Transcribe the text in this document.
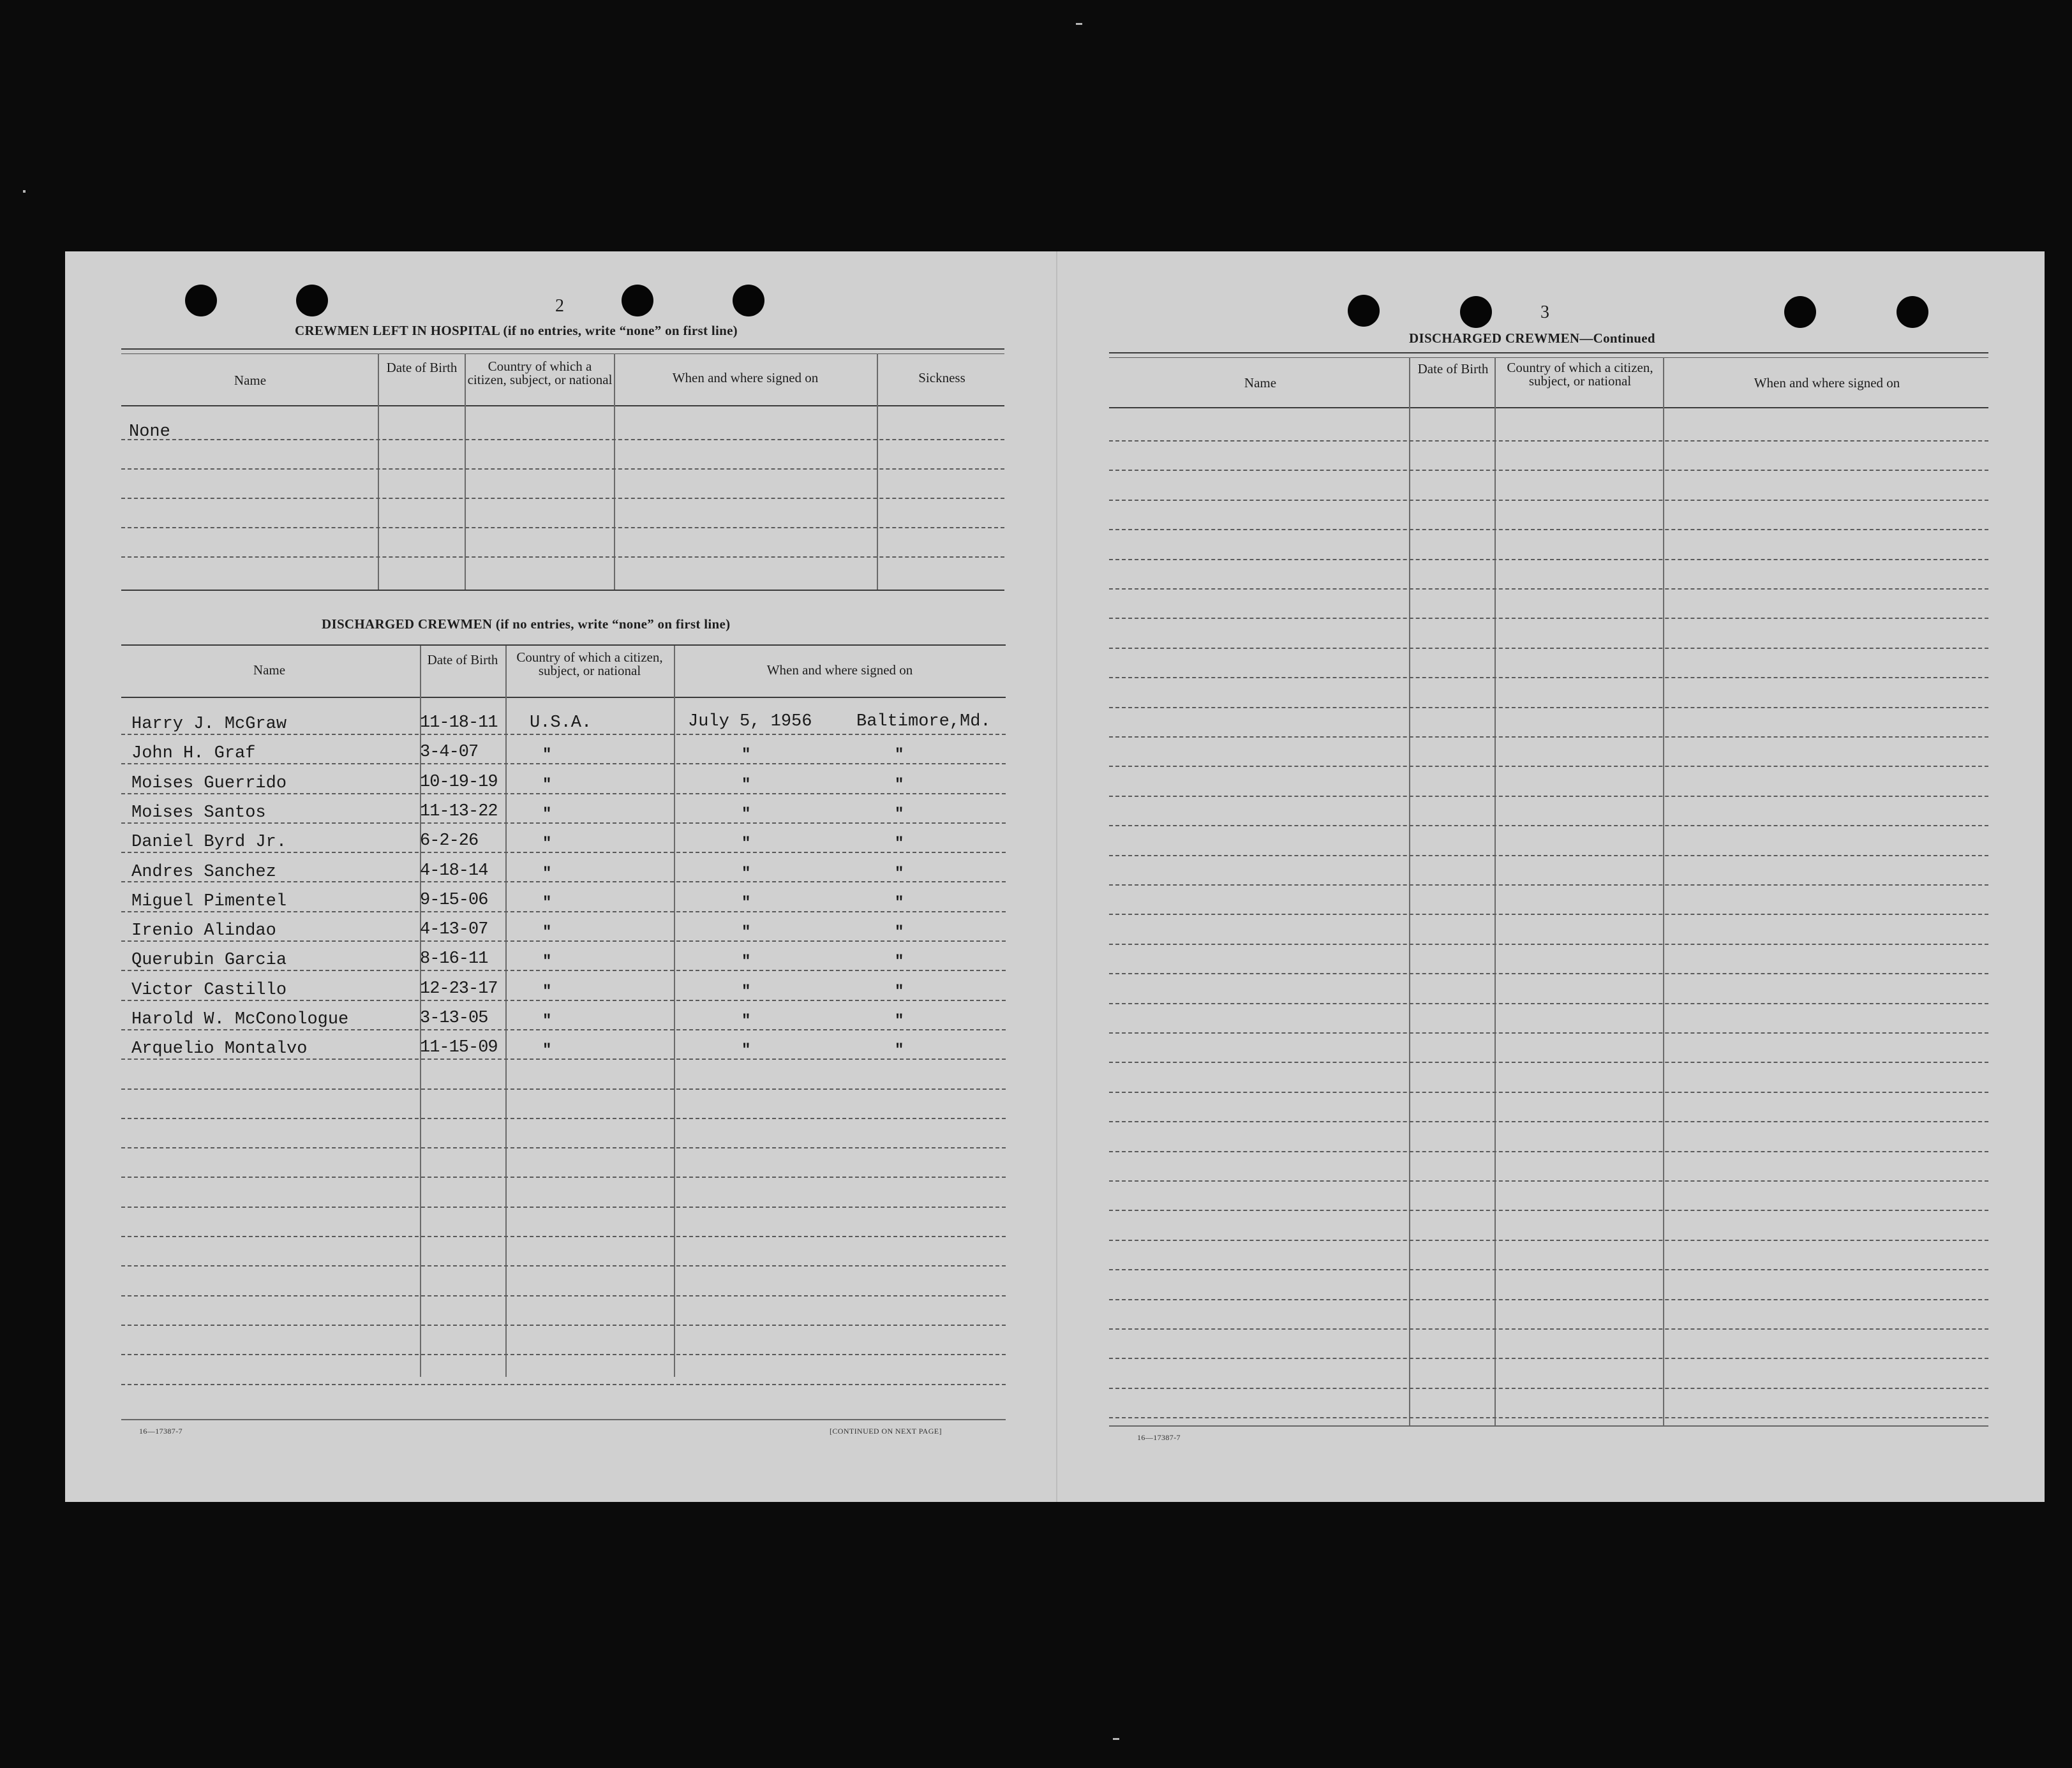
2
CREWMEN LEFT IN HOSPITAL (if no entries, write “none” on first line)
Name
Date of Birth	Country of which a citizen, subject, or national	When and where signed on	Sickness
None
DISCHARGED CREWMEN (if no entries, write “none” on first line)
Name
Date of Birth	Country of which a citizen, subject, or national	When and where signed on
Harry J. McGraw	11-18-11 U.S.A.	July 5, 1956	Baltimore,Md.
John H. Graf	3-4-07	"	"	"
Moises Guerrido	10-19-19	"	"	"
Moises Santos	11-13-22	"	"	"
Daniel Byrd Jr.	6-2-26	"	"	"
Andres Sanchez	4-18-14	"	"	"
Miguel Pimentel	9-15-06	"	"	"
Irenio Alindao	4-13-07	"	"	"
Querubin Garcia	8-16-11	"	"	"
Victor Castillo	12-23-17	"	"	"
Harold W. McConologue	3-13-05	"	"	"
Arquelio Montalvo	11-15-09	"	"	"
16—17387-7	[CONTINUED ON NEXT PAGE]
3
DISCHARGED CREWMEN—Continued
Name
Date of Birth	Country of which a citizen, subject, or national	When and where signed on
16—17387-7
